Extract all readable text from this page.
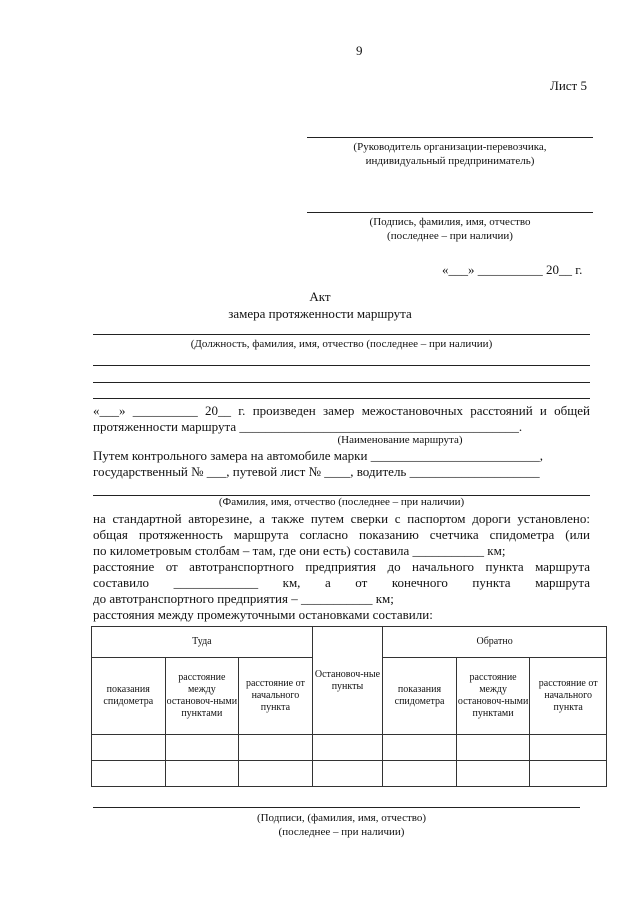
9
Лист 5
(Руководитель организации-перевозчика,
индивидуальный предприниматель)
(Подпись, фамилия, имя, отчество
(последнее – при наличии)
«___» __________ 20__ г.
Акт
замера протяженности маршрута
(Должность, фамилия, имя, отчество (последнее – при наличии)
«___» __________ 20__ г. произведен замер межостановочных расстояний и общей
протяженности маршрута ___________________________________________.
(Наименование маршрута)
Путем контрольного замера на автомобиле марки __________________________,
государственный № ___, путевой лист № ____, водитель ____________________
(Фамилия, имя, отчество (последнее – при наличии)
на стандартной авторезине, а также путем сверки с паспортом дороги установлено:
общая протяженность маршрута согласно показанию счетчика спидометра (или
по километровым столбам – там, где они есть) составила ___________ км;
расстояние от автотранспортного предприятия до начального пункта маршрута
составило _____________ км, а от конечного пункта маршрута
до автотранспортного предприятия – ___________ км;
расстояния между промежуточными остановками составили:
Туда			Остановоч-ные пункты	Обратно		
показания спидометра	расстояние между остановоч-ными пунктами	расстояние от начального пункта		показания спидометра	расстояние между остановоч-ными пунктами	расстояние от начального пункта

(Подписи, (фамилия, имя, отчество)
(последнее – при наличии)
